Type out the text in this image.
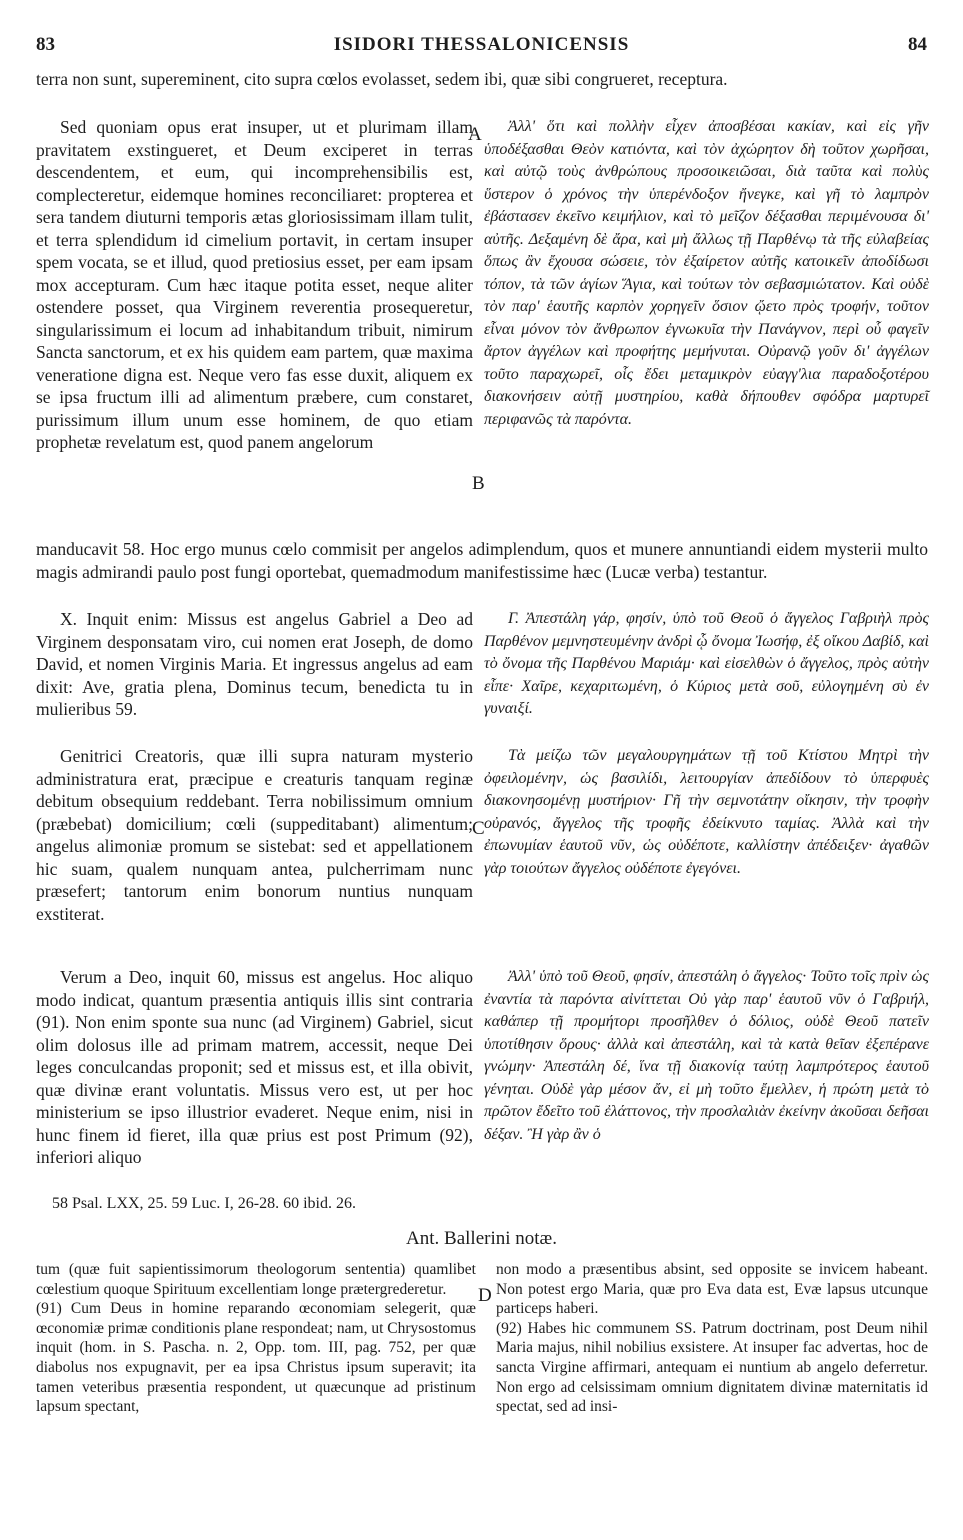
83	ISIDORI THESSALONICENSIS	84

terra non sunt, supereminent, cito supra cœlos evolasset, sedem ibi, quæ sibi congrueret, receptura.

Sed quoniam opus erat insuper, ut et plurimam illam pravitatem exstingueret, et Deum exciperet in terras descendentem, et eum, qui incomprehensibilis est, complecteretur, eidemque homines reconciliaret: propterea et sera tandem diuturni temporis ætas gloriosissimam illam tulit, et terra splendidum id cimelium portavit, in certam insuper spem vocata, se et illud, quod pretiosius esset, per eam ipsam mox accepturam. Cum hæc itaque potita esset, neque aliter ostendere posset, qua Virginem reverentia prosequeretur, singularissimum ei locum ad inhabitandum tribuit, nimirum Sancta sanctorum, et ex his quidem eam partem, quæ maxima veneratione digna est. Neque vero fas esse duxit, aliquem ex se ipsa fructum illi ad alimentum præbere, cum constaret, purissimum illum unum esse hominem, de quo etiam prophetæ revelatum est, quod panem angelorum

A	Ἀλλ' ὅτι καὶ πολλὴν εἶχεν ἀποσβέσαι κακίαν, καὶ εἰς γῆν ὑποδέξασθαι Θεὸν κατιόντα, καὶ τὸν ἀχώρητον δὴ τοῦτον χωρῆσαι, καὶ αὐτῷ τοὺς ἀνθρώπους προσοικειῶσαι, διὰ ταῦτα καὶ πολὺς ὕστερον ὁ χρόνος τὴν ὑπερένδοξον ἤνεγκε, καὶ γῆ τὸ λαμπρὸν ἐβάστασεν ἐκεῖνο κειμήλιον, καὶ τὸ μεῖζον δέξασθαι περιμένουσα δι' αὐτῆς. Δεξαμένη δὲ ἄρα, καὶ μὴ ἄλλως τῇ Παρθένῳ τὰ τῆς εὐλαβείας ὅπως ἂν ἔχουσα σώσειε, τὸν ἐξαίρετον αὐτῆς κατοικεῖν ἀποδίδωσι τόπον, τὰ τῶν ἁγίων Ἅγια, καὶ τούτων τὸν σεβασμιώτατον. Καὶ οὐδὲ τὸν παρ' ἑαυτῆς καρπὸν χορηγεῖν ὅσιον ᾤετο πρὸς τροφήν, τοῦτον εἶναι μόνον τὸν ἄνθρωπον ἐγνωκυῖα τὴν Πανάγνον, περὶ οὗ φαγεῖν ἄρτον ἀγγέλων καὶ προφήτης μεμήνυται. Οὐρανῷ γοῦν δι' ἀγγέλων τοῦτο παραχωρεῖ, οἷς ἔδει μεταμικρὸν εὐαγγ'λια παραδοξοτέρου διακονήσειν αὐτῇ μυστηρίου, καθὰ δήπουθεν σφόδρα μαρτυρεῖ περιφανῶς τὰ παρόντα.

B

manducavit 58. Hoc ergo munus cœlo commisit per angelos adimplendum, quos et munere annuntiandi eidem mysterii multo magis admirandi paulo post fungi oportebat, quemadmodum manifestissime hæc (Lucæ verba) testantur.

X. Inquit enim: Missus est angelus Gabriel a Deo ad Virginem desponsatam viro, cui nomen erat Joseph, de domo David, et nomen Virginis Maria. Et ingressus angelus ad eam dixit: Ave, gratia plena, Dominus tecum, benedicta tu in mulieribus 59.

Γ. Ἀπεστάλη γάρ, φησίν, ὑπὸ τοῦ Θεοῦ ὁ ἄγγελος Γαβριὴλ πρὸς Παρθένον μεμνηστευμένην ἀνδρὶ ᾧ ὄνομα Ἰωσήφ, ἐξ οἴκου Δαβίδ, καὶ τὸ ὄνομα τῆς Παρθένου Μαριάμ· καὶ εἰσελθὼν ὁ ἄγγελος, πρὸς αὐτὴν εἶπε· Χαῖρε, κεχαριτωμένη, ὁ Κύριος μετὰ σοῦ, εὐλογημένη σὺ ἐν γυναιξί.

Genitrici Creatoris, quæ illi supra naturam mysterio administratura erat, præcipue e creaturis tanquam reginæ debitum obsequium reddebant. Terra nobilissimum omnium (præbebat) domicilium; cœli (suppeditabant) alimentum; angelus alimoniæ promum se sistebat: sed et appellationem hic suam, qualem nunquam antea, pulcherrimam nunc præsefert; tantorum enim bonorum nuntius nunquam exstiterat.

C

Τὰ μείζω τῶν μεγαλουργημάτων τῇ τοῦ Κτίστου Μητρὶ τὴν ὀφειλομένην, ὡς βασιλίδι, λειτουργίαν ἀπεδίδουν τὸ ὑπερφυὲς διακονησομένῃ μυστήριον· Γῆ τὴν σεμνοτάτην οἴκησιν, τὴν τροφὴν οὐρανός, ἄγγελος τῆς τροφῆς ἐδείκνυτο ταμίας. Ἀλλὰ καὶ τὴν ἐπωνυμίαν ἑαυτοῦ νῦν, ὡς οὐδέποτε, καλλίστην ἀπέδειξεν· ἀγαθῶν γὰρ τοιούτων ἄγγελος οὐδέποτε ἐγεγόνει.

Verum a Deo, inquit 60, missus est angelus. Hoc aliquo modo indicat, quantum præsentia antiquis illis sint contraria (91). Non enim sponte sua nunc (ad Virginem) Gabriel, sicut olim dolosus ille ad primam matrem, accessit, neque Dei leges conculcandas proponit; sed et missus est, et illa obivit, quæ divinæ erant voluntatis. Missus vero est, ut per hoc ministerium se ipso illustrior evaderet. Neque enim, nisi in hunc finem id fieret, illa quæ prius est post Primum (92), inferiori aliquo

Ἀλλ' ὑπὸ τοῦ Θεοῦ, φησίν, ἀπεστάλη ὁ ἄγγελος· Τοῦτο τοῖς πρὶν ὡς ἐναντία τὰ παρόντα αἰνίττεται Οὐ γὰρ παρ' ἑαυτοῦ νῦν ὁ Γαβριήλ, καθάπερ τῇ προμήτορι προσῆλθεν ὁ δόλιος, οὐδὲ Θεοῦ πατεῖν ὑποτίθησιν ὅρους· ἀλλὰ καὶ ἀπεστάλη, καὶ τὰ κατὰ θεῖαν ἐξεπέρανε γνώμην· Ἀπεστάλη δέ, ἵνα τῇ διακονίᾳ ταύτῃ λαμπρότερος ἑαυτοῦ γένηται. Οὐδὲ γὰρ μέσον ἄν, εἰ μὴ τοῦτο ἔμελλεν, ἡ πρώτη μετὰ τὸ πρῶτον ἔδεῖτο τοῦ ἐλάττονος, τὴν προσλαλιὰν ἐκείνην ἀκοῦσαι δεῆσαι δέξαν. Ἢ γὰρ ἂν ὁ

58 Psal. LXX, 25. 59 Luc. I, 26-28. 60 ibid. 26.

Ant. Ballerini notæ.

tum (quæ fuit sapientissimorum theologorum sententia) quamlibet cœlestium quoque Spirituum excellentiam longe prætergrederetur.
(91) Cum Deus in homine reparando œconomiam selegerit, quæ œconomiæ primæ conditionis plane respondeat; nam, ut Chrysostomus inquit (hom. in S. Pascha. n. 2, Opp. tom. III, pag. 752, per quæ diabolus nos expugnavit, per ea ipsa Christus ipsum superavit; ita tamen veteribus præsentia respondent, ut quæcunque ad pristinum lapsum spectant,

D

non modo a præsentibus absint, sed opposite se invicem habeant. Non potest ergo Maria, quæ pro Eva data est, Evæ lapsus utcunque particeps haberi.
(92) Habes hic communem SS. Patrum doctrinam, post Deum nihil Maria majus, nihil nobilius exsistere. At insuper fac advertas, hoc de sancta Virgine affirmari, antequam ei nuntium ab angelo deferretur. Non ergo ad celsissimam omnium dignitatem divinæ maternitatis id spectat, sed ad insi-
